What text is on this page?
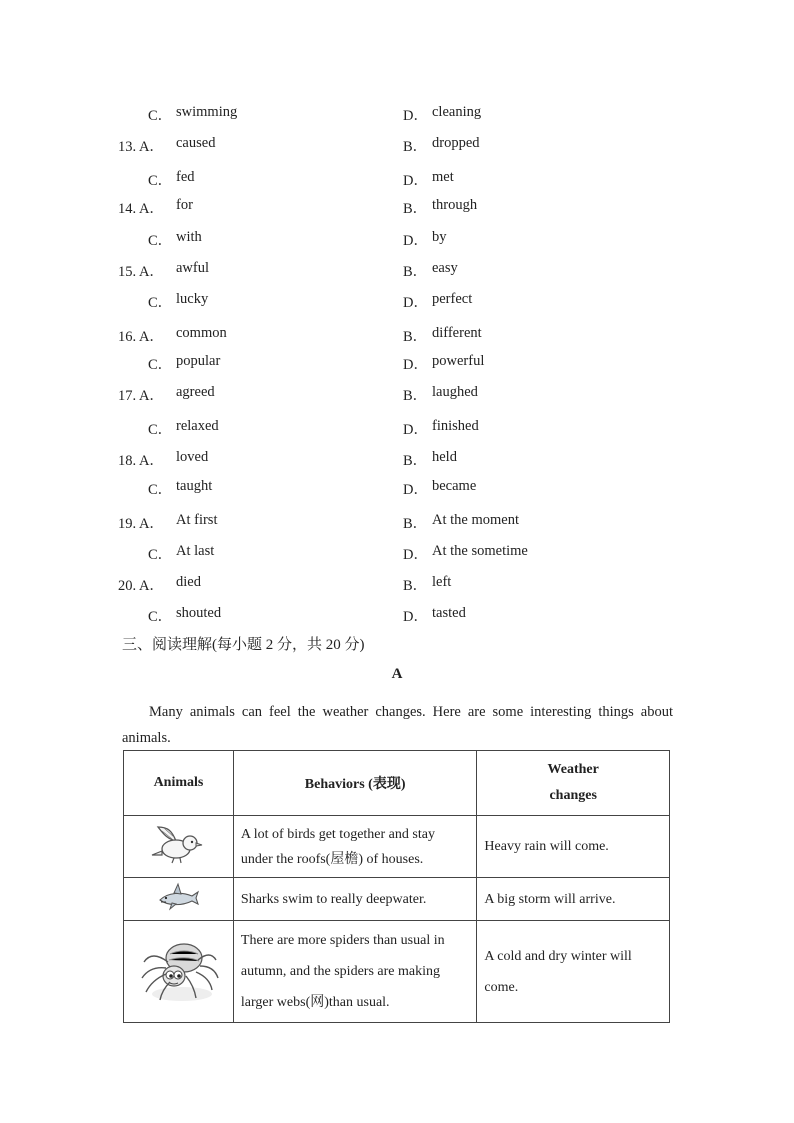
C． swimming	D． cleaning
13. A． caused	B． dropped
C． fed	D． met
14. A． for	B． through
C． with	D． by
15. A． awful	B． easy
C． lucky	D． perfect
16. A． common	B． different
C． popular	D． powerful
17. A． agreed	B． laughed
C． relaxed	D． finished
18. A． loved	B． held
C． taught	D． became
19. A． At first	B． At the moment
C． At last	D． At the sometime
20. A． died	B． left
C． shouted	D． tasted
三、阅读理解(每小题 2 分，共 20 分)
A
Many animals can feel the weather changes. Here are some interesting things about animals.
Animals	Behaviors (表现)	Weather changes
	A lot of birds get together and stay under the roofs(屋檐) of houses.	Heavy rain will come.
	Sharks swim to really deepwater.	A big storm will arrive.
	There are more spiders than usual in autumn, and the spiders are making larger webs(网)than usual.	A cold and dry winter will come.
